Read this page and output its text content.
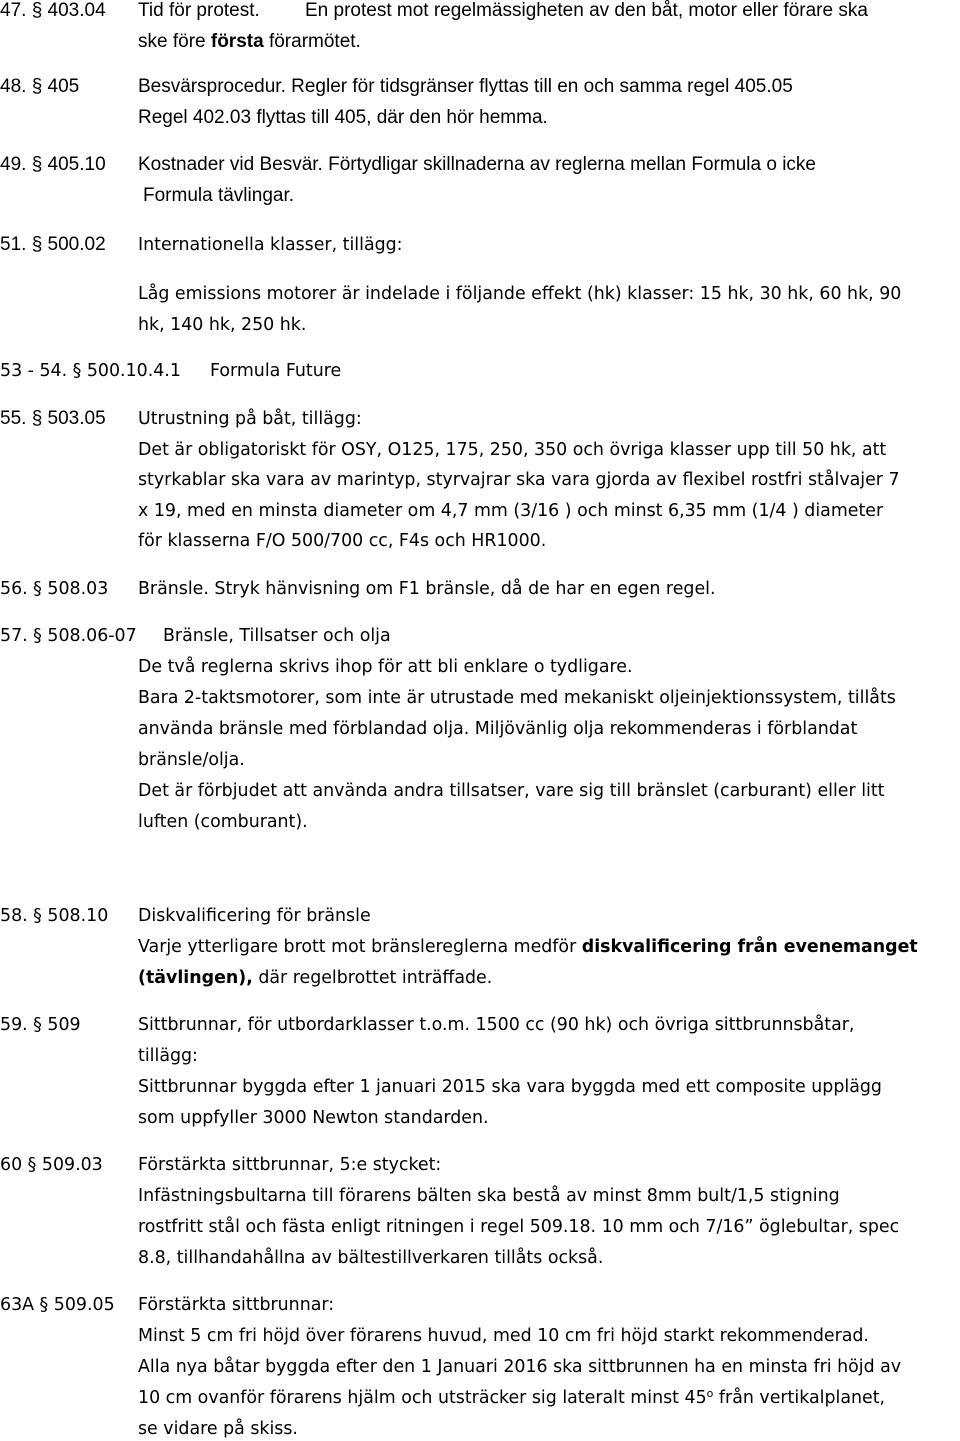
47. § 403.04 Tid för protest. En protest mot regelmässigheten av den båt, motor eller förare ska
ske före första förarmötet.
48. § 405	Besvärsprocedur. Regler för tidsgränser flyttas till en och samma regel 405.05
Regel 402.03 flyttas till 405, där den hör hemma.
49. § 405.10 Kostnader vid Besvär. Förtydligar skillnaderna av reglerna mellan Formula o icke
Formula tävlingar.
51. § 500.02 Internationella klasser, tillägg:
Låg emissions motorer är indelade i följande effekt (hk) klasser: 15 hk, 30 hk, 60 hk, 90
hk, 140 hk, 250 hk.
53 - 54. § 500.10.4.1 Formula Future
55. § 503.05 Utrustning på båt, tillägg:
Det är obligatoriskt för OSY, O125, 175, 250, 350 och övriga klasser upp till 50 hk, att
styrkablar ska vara av marintyp, styrvajrar ska vara gjorda av flexibel rostfri stålvajer 7
x 19, med en minsta diameter om 4,7 mm (3/16 ) och minst 6,35 mm (1/4 ) diameter
för klasserna F/O 500/700 cc, F4s och HR1000.
56. § 508.03 Bränsle. Stryk hänvisning om F1 bränsle, då de har en egen regel.
57. § 508.06-07 Bränsle, Tillsatser och olja
De två reglerna skrivs ihop för att bli enklare o tydligare.
Bara 2-taktsmotorer, som inte är utrustade med mekaniskt oljeinjektionssystem, tillåts
använda bränsle med förblandad olja. Miljövänlig olja rekommenderas i förblandat
bränsle/olja.
Det är förbjudet att använda andra tillsatser, vare sig till bränslet (carburant) eller litt
luften (comburant).
58. § 508.10 Diskvalificering för bränsle
Varje ytterligare brott mot bränslereglerna medför diskvalificering från evenemanget
(tävlingen), där regelbrottet inträffade.
59. § 509	Sittbrunnar, för utbordarklasser t.o.m. 1500 cc (90 hk) och övriga sittbrunnsbåtar,
tillägg:
Sittbrunnar byggda efter 1 januari 2015 ska vara byggda med ett composite upplägg
som uppfyller 3000 Newton standarden.
60 § 509.03 Förstärkta sittbrunnar, 5:e stycket:
Infästningsbultarna till förarens bälten ska bestå av minst 8mm bult/1,5 stigning
rostfritt stål och fästa enligt ritningen i regel 509.18. 10 mm och 7/16” öglebultar, spec
8.8, tillhandahållna av bältestillverkaren tillåts också.
63A § 509.05 Förstärkta sittbrunnar:
Minst 5 cm fri höjd över förarens huvud, med 10 cm fri höjd starkt rekommenderad.
Alla nya båtar byggda efter den 1 Januari 2016 ska sittbrunnen ha en minsta fri höjd av
10 cm ovanför förarens hjälm och utsträcker sig lateralt minst 45$^o$ från vertikalplanet,
se vidare på skiss.
